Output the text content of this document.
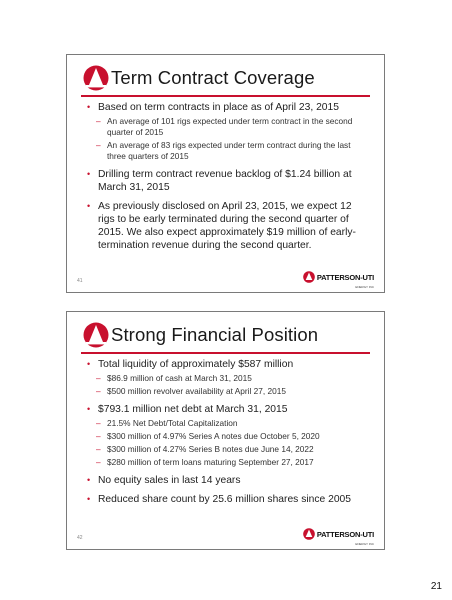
Term Contract Coverage
• Based on term contracts in place as of April 23, 2015
– An average of 101 rigs expected under term contract in the second quarter of 2015
– An average of 83 rigs expected under term contract during the last three quarters of 2015
• Drilling term contract revenue backlog of $1.24 billion at March 31, 2015
• As previously disclosed on April 23, 2015, we expect 12 rigs to be early terminated during the second quarter of 2015. We also expect approximately $19 million of early-termination revenue during the second quarter.
41	PATTERSON-UTI
ENERGY INC
Strong Financial Position
• Total liquidity of approximately $587 million
– $86.9 million of cash at March 31, 2015
– $500 million revolver availability at April 27, 2015
• $793.1 million net debt at March 31, 2015
– 21.5% Net Debt/Total Capitalization
– $300 million of 4.97% Series A notes due October 5, 2020
– $300 million of 4.27% Series B notes due June 14, 2022
– $280 million of term loans maturing September 27, 2017
• No equity sales in last 14 years
• Reduced share count by 25.6 million shares since 2005
42	PATTERSON-UTI
ENERGY INC
21
